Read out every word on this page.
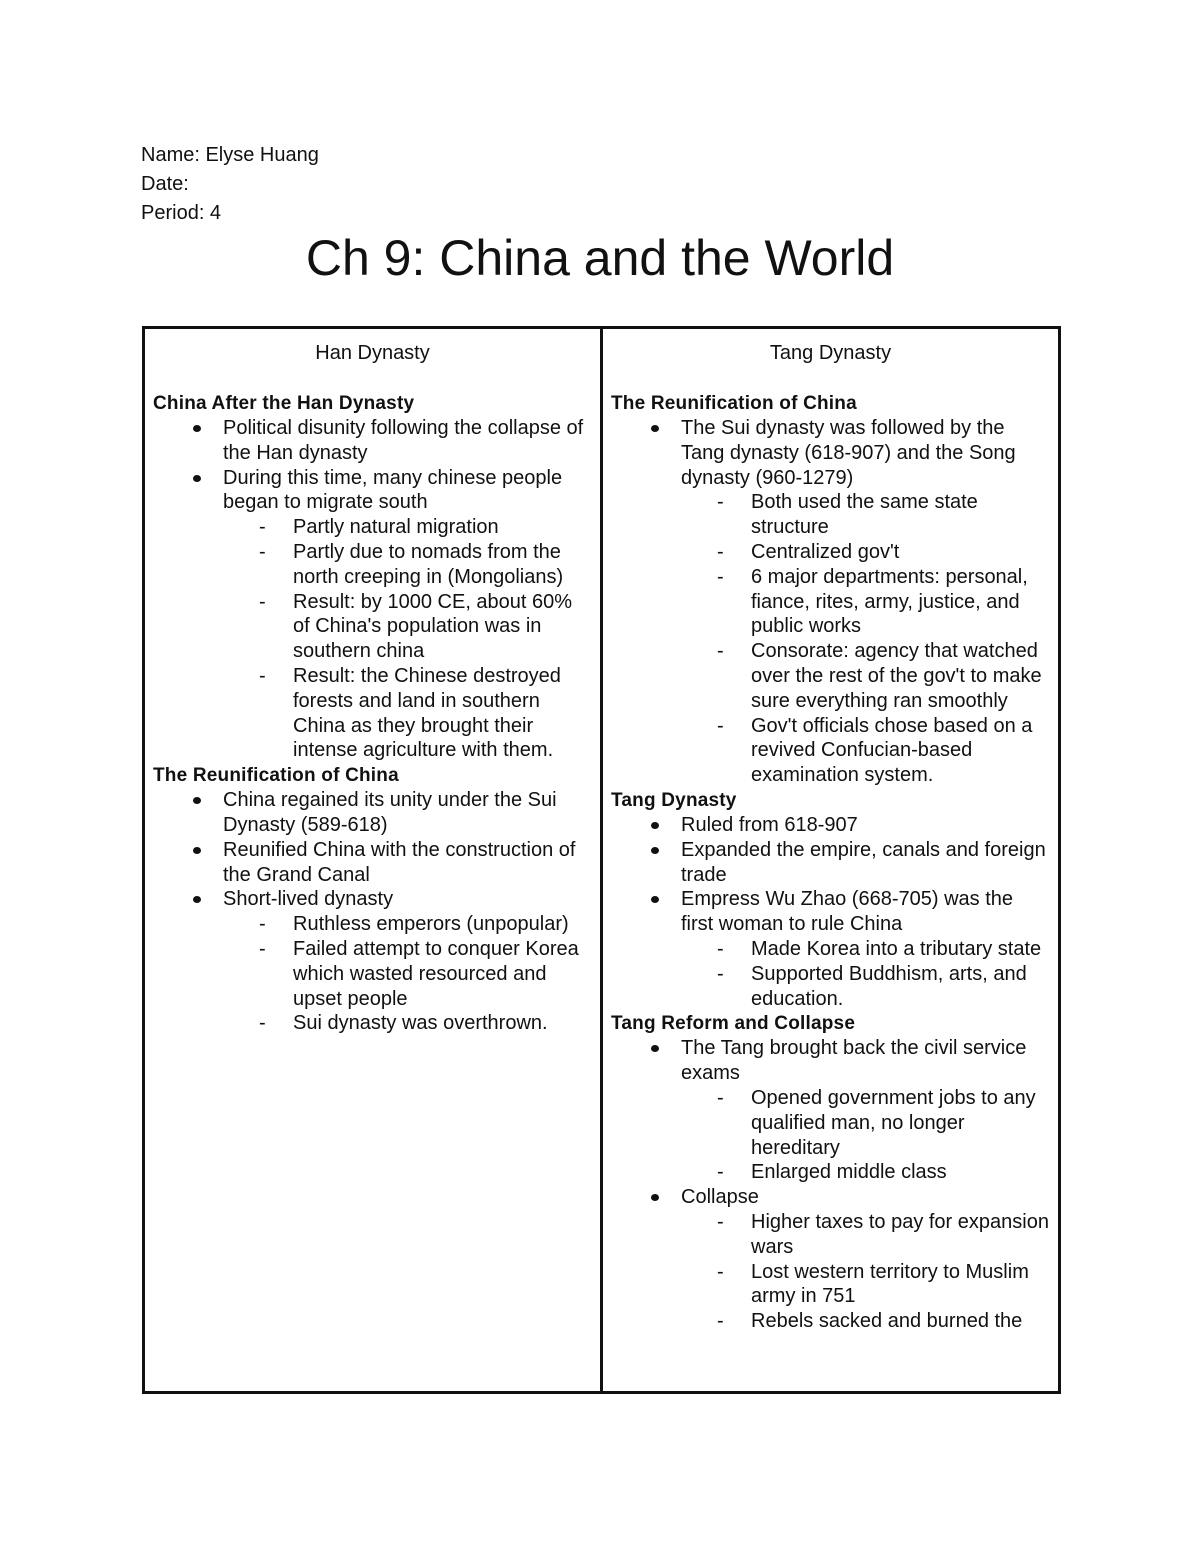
Name: Elyse Huang
Date:
Period: 4
Ch 9: China and the World
Han Dynasty
China After the Han Dynasty
Political disunity following the collapse of the Han dynasty
During this time, many chinese people began to migrate south
- Partly natural migration
- Partly due to nomads from the north creeping in (Mongolians)
- Result: by 1000 CE, about 60% of China's population was in southern china
- Result: the Chinese destroyed forests and land in southern China as they brought their intense agriculture with them.
The Reunification of China
China regained its unity under the Sui Dynasty (589-618)
Reunified China with the construction of the Grand Canal
Short-lived dynasty
- Ruthless emperors (unpopular)
- Failed attempt to conquer Korea which wasted resourced and upset people
- Sui dynasty was overthrown.
Tang Dynasty
The Reunification of China
The Sui dynasty was followed by the Tang dynasty (618-907) and the Song dynasty (960-1279)
- Both used the same state structure
- Centralized gov't
- 6 major departments: personal, fiance, rites, army, justice, and public works
- Consorate: agency that watched over the rest of the gov't to make sure everything ran smoothly
- Gov't officials chose based on a revived Confucian-based examination system.
Tang Dynasty
Ruled from 618-907
Expanded the empire, canals and foreign trade
Empress Wu Zhao (668-705) was the first woman to rule China
- Made Korea into a tributary state
- Supported Buddhism, arts, and education.
Tang Reform and Collapse
The Tang brought back the civil service exams
- Opened government jobs to any qualified man, no longer hereditary
- Enlarged middle class
Collapse
- Higher taxes to pay for expansion wars
- Lost western territory to Muslim army in 751
- Rebels sacked and burned the
